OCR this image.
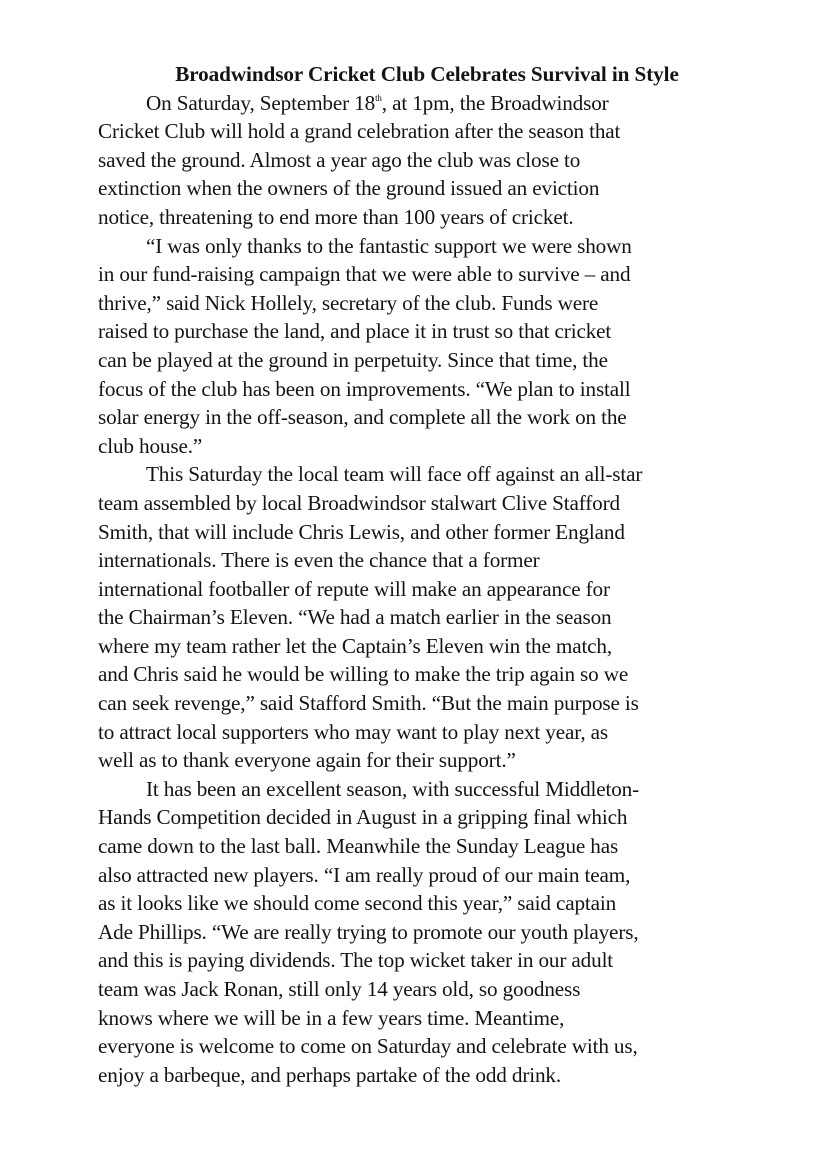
Broadwindsor Cricket Club Celebrates Survival in Style

On Saturday, September 18th, at 1pm, the Broadwindsor
Cricket Club will hold a grand celebration after the season that
saved the ground. Almost a year ago the club was close to
extinction when the owners of the ground issued an eviction
notice, threatening to end more than 100 years of cricket.

“I was only thanks to the fantastic support we were shown
in our fund-raising campaign that we were able to survive – and
thrive,” said Nick Hollely, secretary of the club. Funds were
raised to purchase the land, and place it in trust so that cricket
can be played at the ground in perpetuity. Since that time, the
focus of the club has been on improvements. “We plan to install
solar energy in the off-season, and complete all the work on the
club house.”

This Saturday the local team will face off against an all-star
team assembled by local Broadwindsor stalwart Clive Stafford
Smith, that will include Chris Lewis, and other former England
internationals. There is even the chance that a former
international footballer of repute will make an appearance for
the Chairman’s Eleven. “We had a match earlier in the season
where my team rather let the Captain’s Eleven win the match,
and Chris said he would be willing to make the trip again so we
can seek revenge,” said Stafford Smith. “But the main purpose is
to attract local supporters who may want to play next year, as
well as to thank everyone again for their support.”

It has been an excellent season, with successful Middleton-
Hands Competition decided in August in a gripping final which
came down to the last ball. Meanwhile the Sunday League has
also attracted new players. “I am really proud of our main team,
as it looks like we should come second this year,” said captain
Ade Phillips. “We are really trying to promote our youth players,
and this is paying dividends. The top wicket taker in our adult
team was Jack Ronan, still only 14 years old, so goodness
knows where we will be in a few years time. Meantime,
everyone is welcome to come on Saturday and celebrate with us,
enjoy a barbeque, and perhaps partake of the odd drink.
